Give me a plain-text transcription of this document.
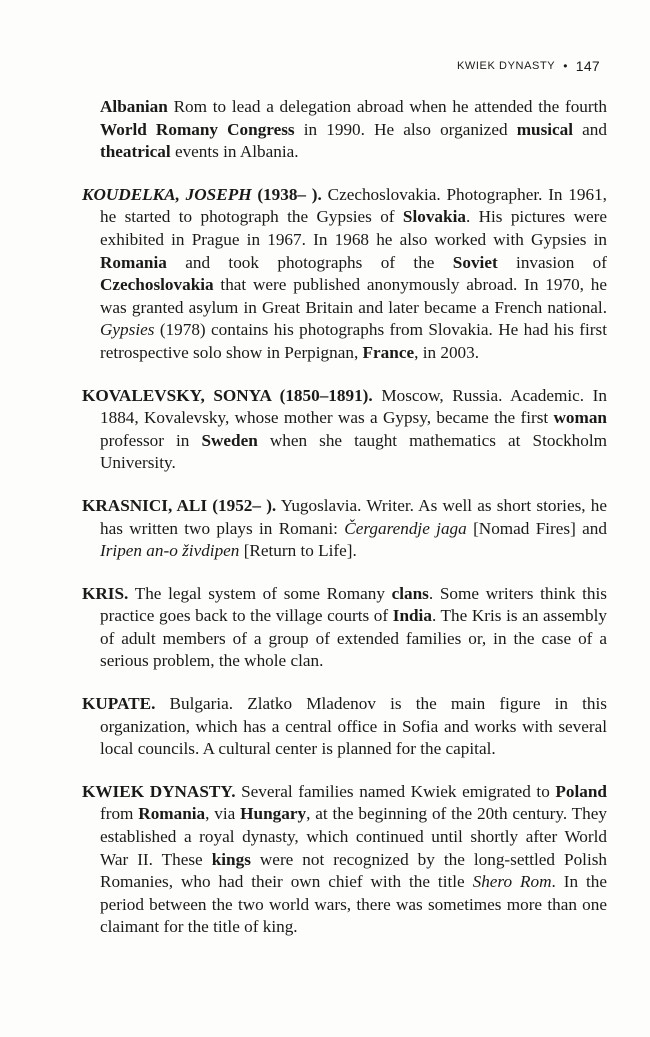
KWIEK DYNASTY • 147

Albanian Rom to lead a delegation abroad when he attended the fourth World Romany Congress in 1990. He also organized musical and theatrical events in Albania.

KOUDELKA, JOSEPH (1938– ). Czechoslovakia. Photographer. In 1961, he started to photograph the Gypsies of Slovakia. His pictures were exhibited in Prague in 1967. In 1968 he also worked with Gypsies in Romania and took photographs of the Soviet invasion of Czechoslovakia that were published anonymously abroad. In 1970, he was granted asylum in Great Britain and later became a French national. Gypsies (1978) contains his photographs from Slovakia. He had his first retrospective solo show in Perpignan, France, in 2003.

KOVALEVSKY, SONYA (1850–1891). Moscow, Russia. Academic. In 1884, Kovalevsky, whose mother was a Gypsy, became the first woman professor in Sweden when she taught mathematics at Stockholm University.

KRASNICI, ALI (1952– ). Yugoslavia. Writer. As well as short stories, he has written two plays in Romani: Čergarendje jaga [Nomad Fires] and Iripen an-o živdipen [Return to Life].

KRIS. The legal system of some Romany clans. Some writers think this practice goes back to the village courts of India. The Kris is an assembly of adult members of a group of extended families or, in the case of a serious problem, the whole clan.

KUPATE. Bulgaria. Zlatko Mladenov is the main figure in this organization, which has a central office in Sofia and works with several local councils. A cultural center is planned for the capital.

KWIEK DYNASTY. Several families named Kwiek emigrated to Poland from Romania, via Hungary, at the beginning of the 20th century. They established a royal dynasty, which continued until shortly after World War II. These kings were not recognized by the long-settled Polish Romanies, who had their own chief with the title Shero Rom. In the period between the two world wars, there was sometimes more than one claimant for the title of king.
